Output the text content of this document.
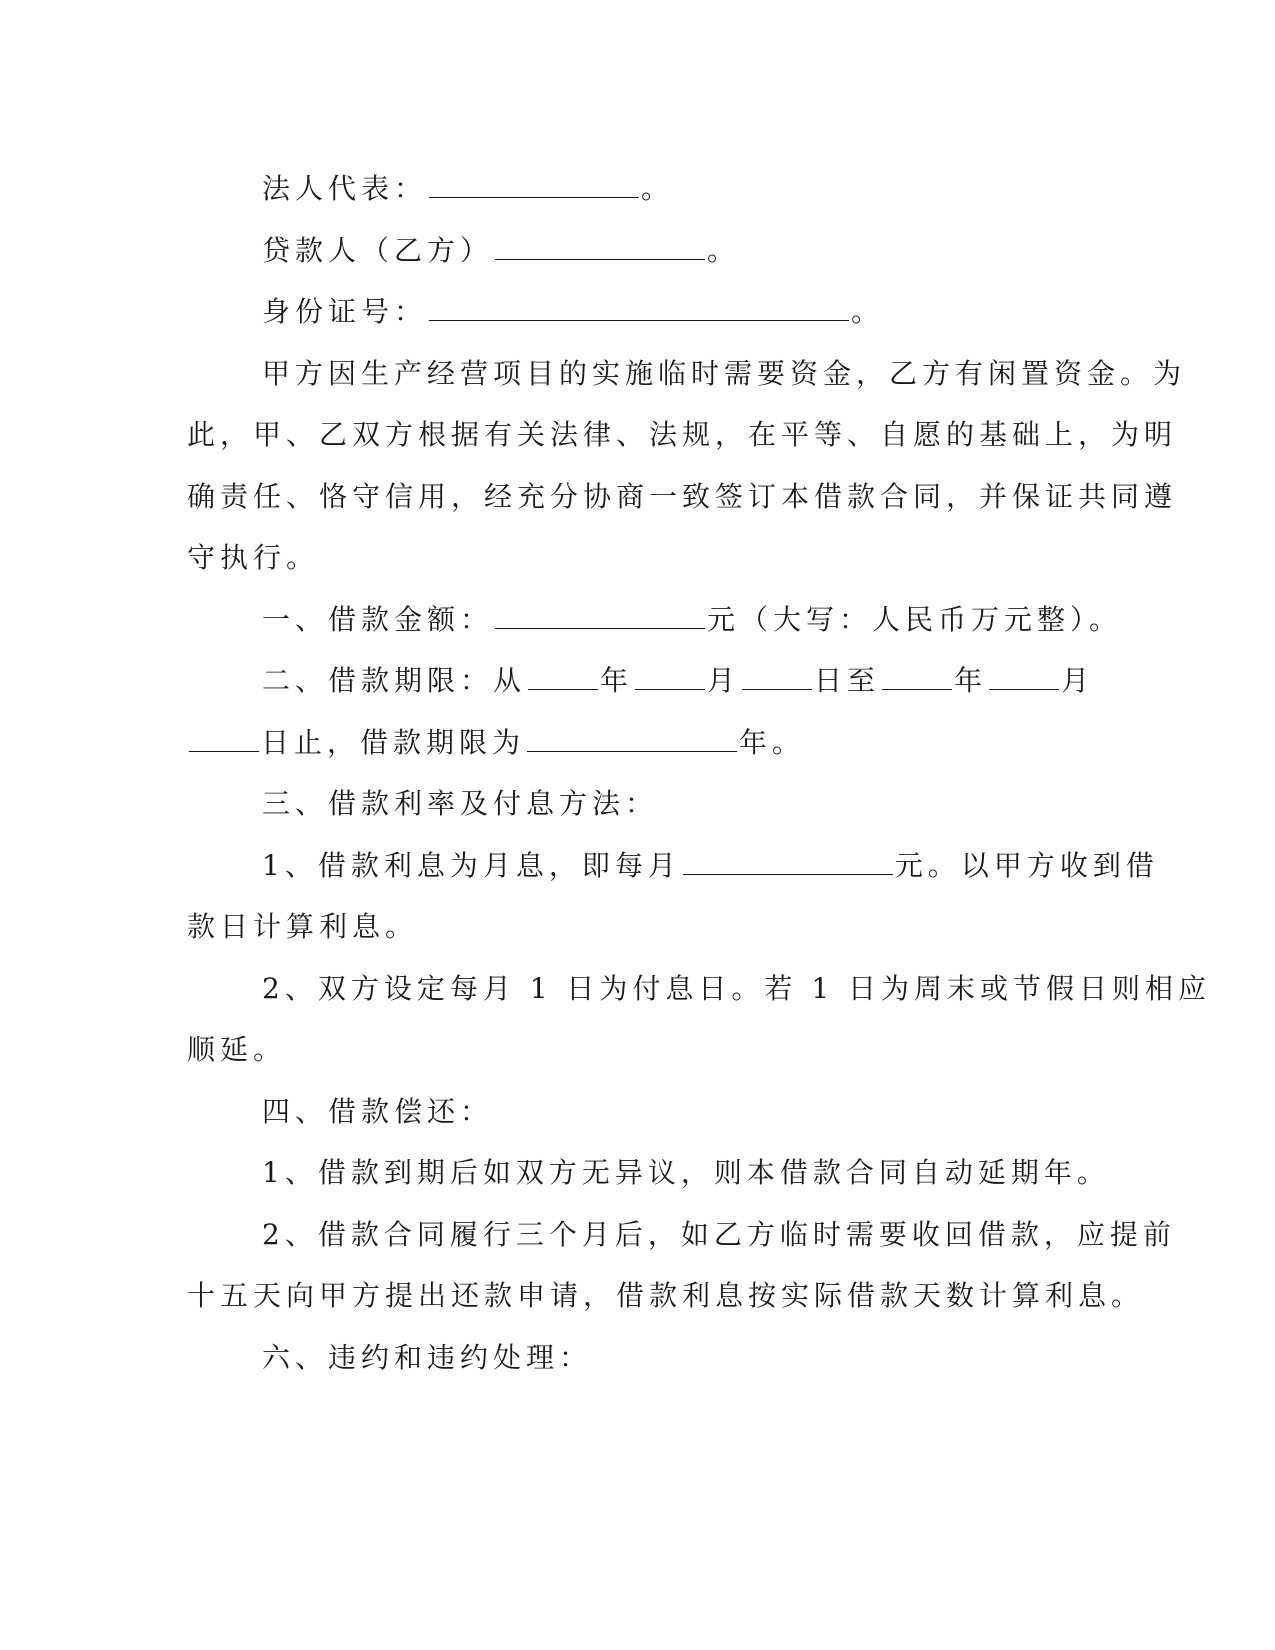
法人代表：	。
贷款人（乙方）	。
身份证号：	。
甲方因生产经营项目的实施临时需要资金，乙方有闲置资金。为
此，甲、乙双方根据有关法律、法规，在平等、自愿的基础上，为明
确责任、恪守信用，经充分协商一致签订本借款合同，并保证共同遵
守执行。
一、借款金额：	元（大写：人民币万元整）。
二、借款期限：从	年	月	日至	年	月
日止，借款期限为	年。
三、借款利率及付息方法：
1、借款利息为月息，即每月	元。以甲方收到借
款日计算利息。
2、双方设定每月 1 日为付息日。若 1 日为周末或节假日则相应
顺延。
四、借款偿还：
1、借款到期后如双方无异议，则本借款合同自动延期年。
2、借款合同履行三个月后，如乙方临时需要收回借款，应提前
十五天向甲方提出还款申请，借款利息按实际借款天数计算利息。
六、违约和违约处理：
